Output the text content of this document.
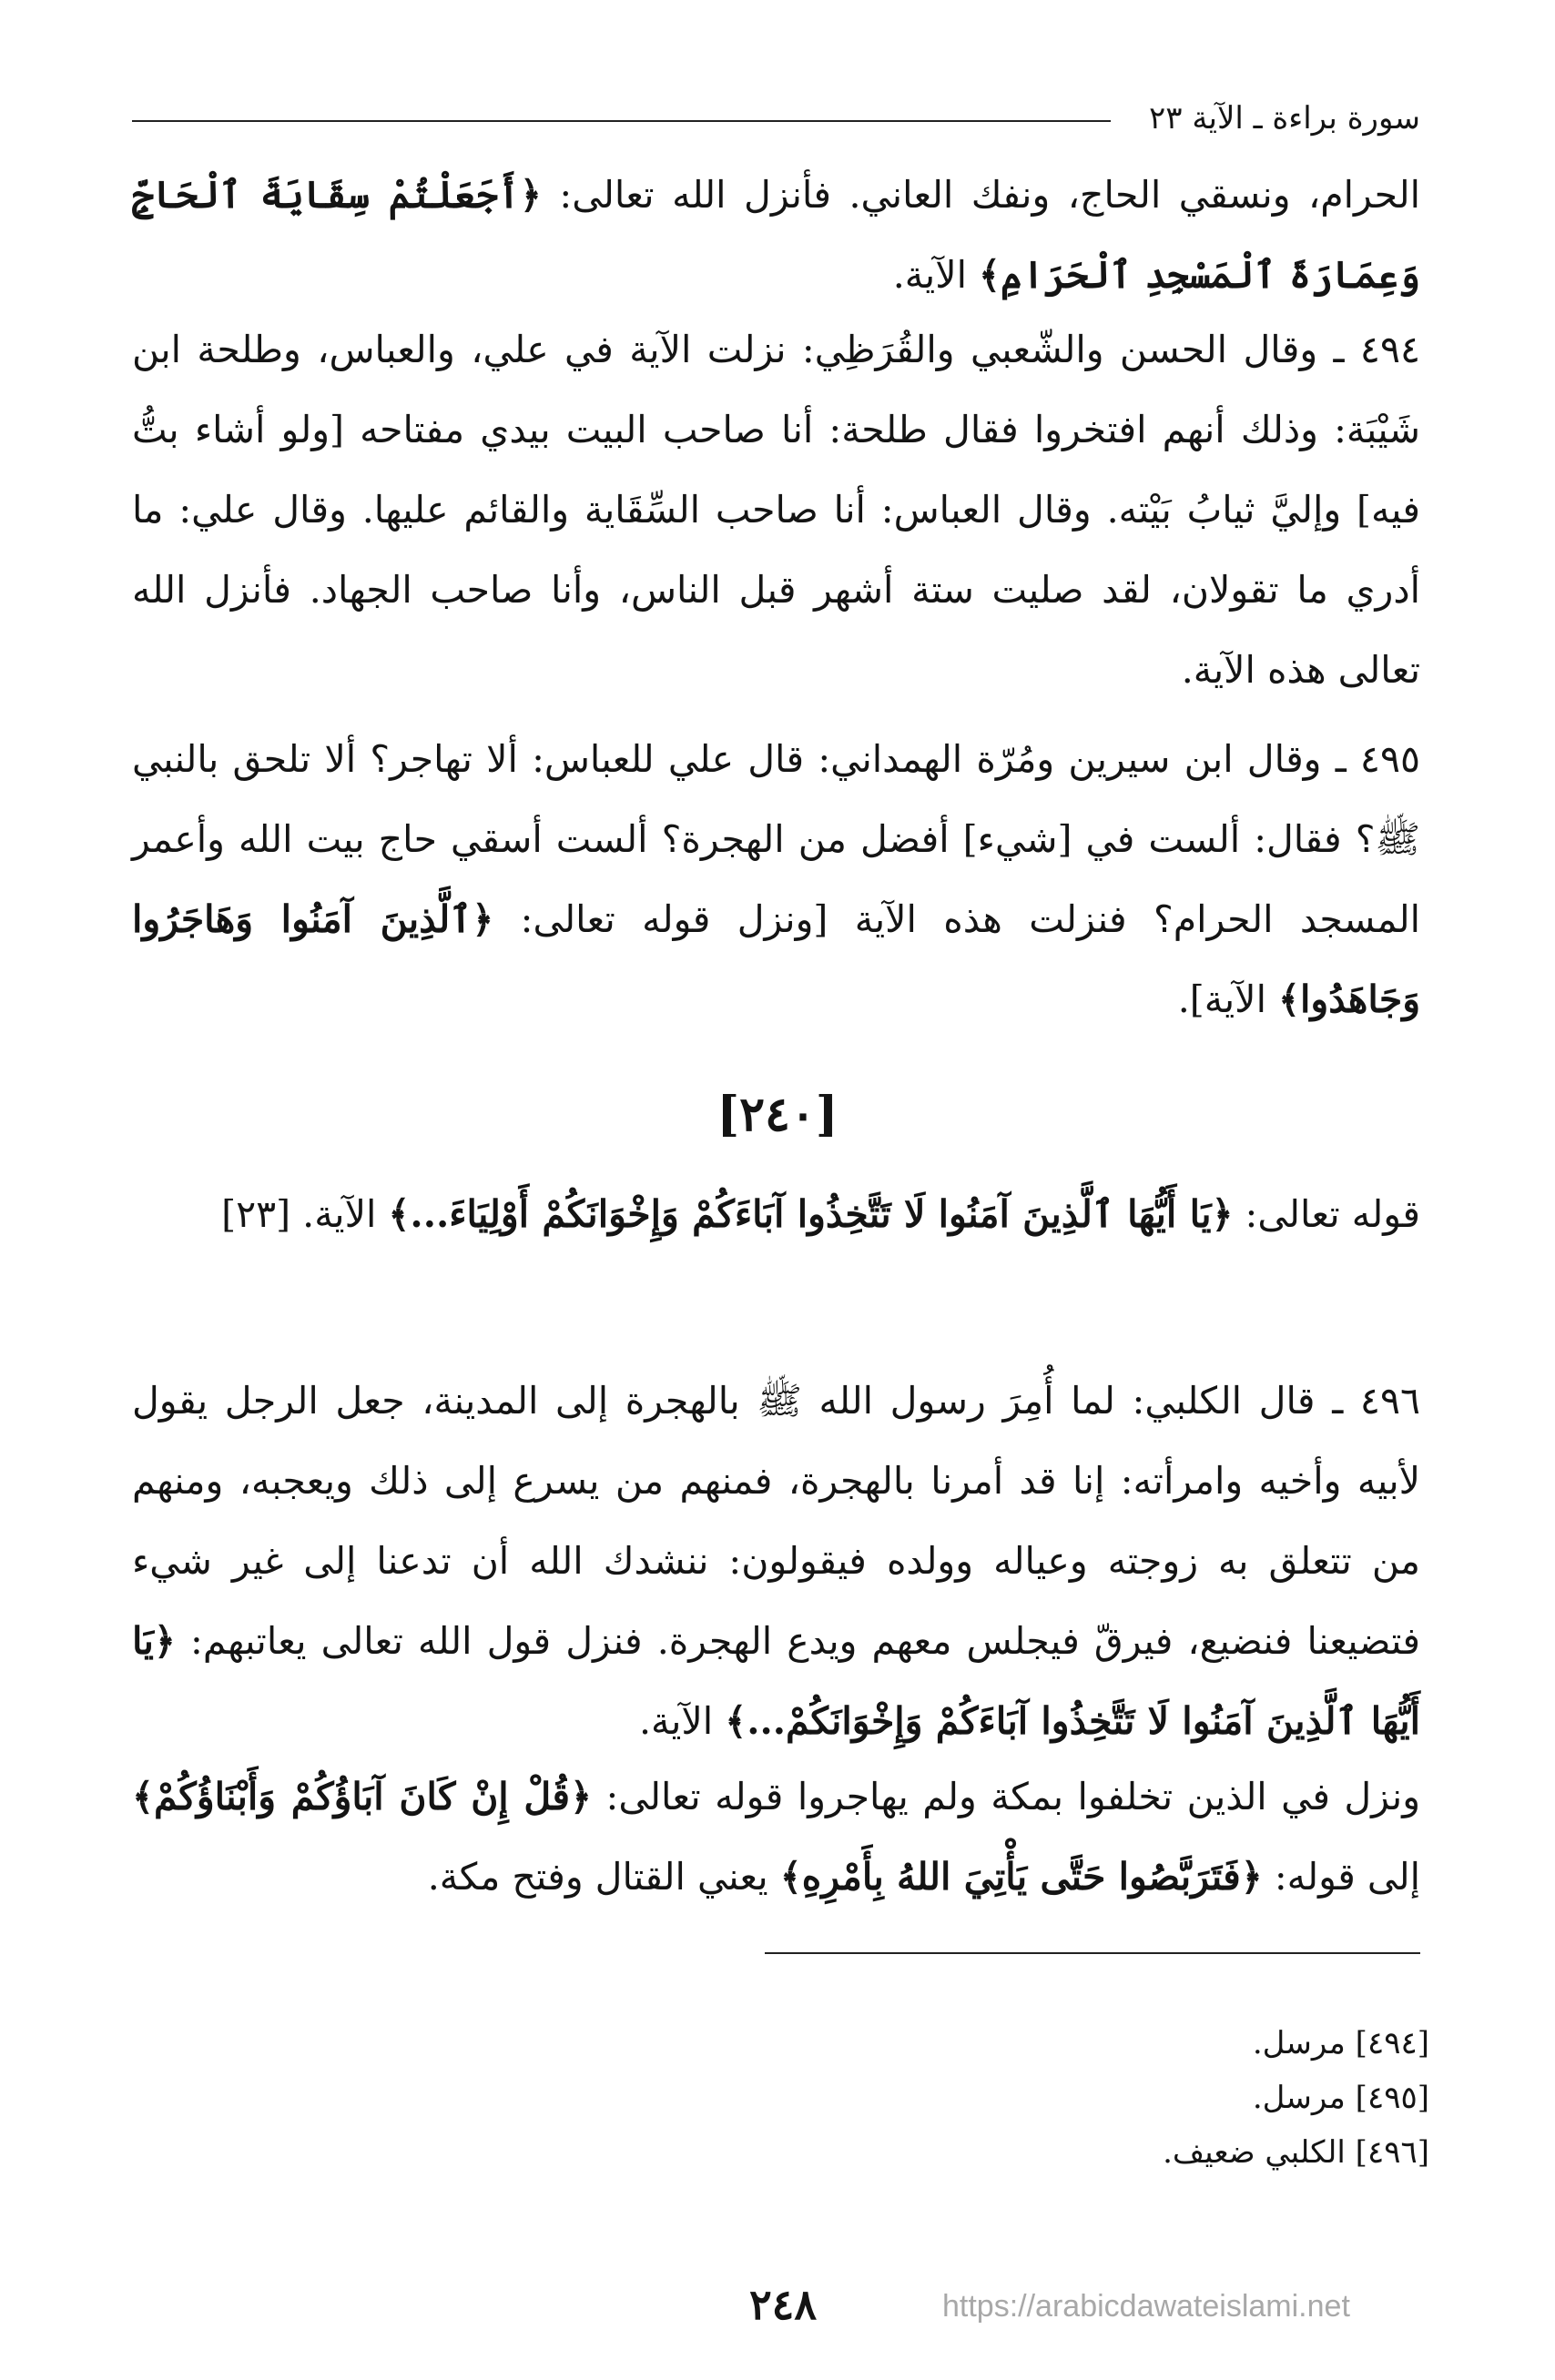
سورة براءة ـ الآية ٢٣
الحرام، ونسقي الحاج، ونفك العاني. فأنزل الله تعالى: ﴿أَجَعَلْتُمْ سِقَايَةَ ٱلْحَاجِّ وَعِمَارَةَ ٱلْمَسْجِدِ ٱلْحَرَامِ﴾ الآية.
٤٩٤ ـ وقال الحسن والشّعبي والقُرَظِي: نزلت الآية في علي، والعباس، وطلحة ابن شَيْبَة: وذلك أنهم افتخروا فقال طلحة: أنا صاحب البيت بيدي مفتاحه [ولو أشاء بتُّ فيه] وإليَّ ثيابُ بَيْته. وقال العباس: أنا صاحب السِّقَاية والقائم عليها. وقال علي: ما أدري ما تقولان، لقد صليت ستة أشهر قبل الناس، وأنا صاحب الجهاد. فأنزل الله تعالى هذه الآية.
٤٩٥ ـ وقال ابن سيرين ومُرّة الهمداني: قال علي للعباس: ألا تهاجر؟ ألا تلحق بالنبي ﷺ؟ فقال: ألست في [شيء] أفضل من الهجرة؟ ألست أسقي حاج بيت الله وأعمر المسجد الحرام؟ فنزلت هذه الآية [ونزل قوله تعالى: ﴿ٱلَّذِينَ آمَنُوا وَهَاجَرُوا وَجَاهَدُوا﴾ الآية].
[٢٤٠]
قوله تعالى: ﴿يَا أَيُّهَا ٱلَّذِينَ آمَنُوا لَا تَتَّخِذُوا آبَاءَكُمْ وَإِخْوَانَكُمْ أَوْلِيَاءَ...﴾ الآية. [٢٣]
٤٩٦ ـ قال الكلبي: لما أُمِرَ رسول الله ﷺ بالهجرة إلى المدينة، جعل الرجل يقول لأبيه وأخيه وامرأته: إنا قد أمرنا بالهجرة، فمنهم من يسرع إلى ذلك ويعجبه، ومنهم من تتعلق به زوجته وعياله وولده فيقولون: ننشدك الله أن تدعنا إلى غير شيء فتضيعنا فنضيع، فيرقّ فيجلس معهم ويدع الهجرة. فنزل قول الله تعالى يعاتبهم: ﴿يَا أَيُّهَا ٱلَّذِينَ آمَنُوا لَا تَتَّخِذُوا آبَاءَكُمْ وَإِخْوَانَكُمْ...﴾ الآية.
ونزل في الذين تخلفوا بمكة ولم يهاجروا قوله تعالى: ﴿قُلْ إِنْ كَانَ آبَاؤُكُمْ وَأَبْنَاؤُكُمْ﴾ إلى قوله: ﴿فَتَرَبَّصُوا حَتَّى يَأْتِيَ اللهُ بِأَمْرِهِ﴾ يعني القتال وفتح مكة.
[٤٩٤] مرسل.
[٤٩٥] مرسل.
[٤٩٦] الكلبي ضعيف.
٢٤٨	https://arabicdawateislami.net
